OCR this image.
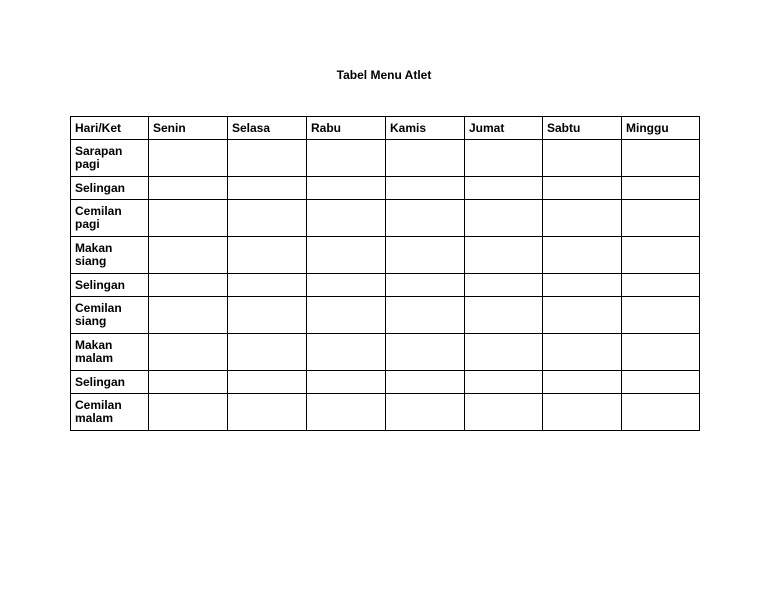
Tabel Menu Atlet
Hari/Ket	Senin	Selasa	Rabu	Kamis	Jumat	Sabtu	Minggu

Sarapan pagi							

Selingan							

Cemilan pagi							

Makan siang							

Selingan							

Cemilan siang							

Makan malam							

Selingan							

Cemilan malam							
